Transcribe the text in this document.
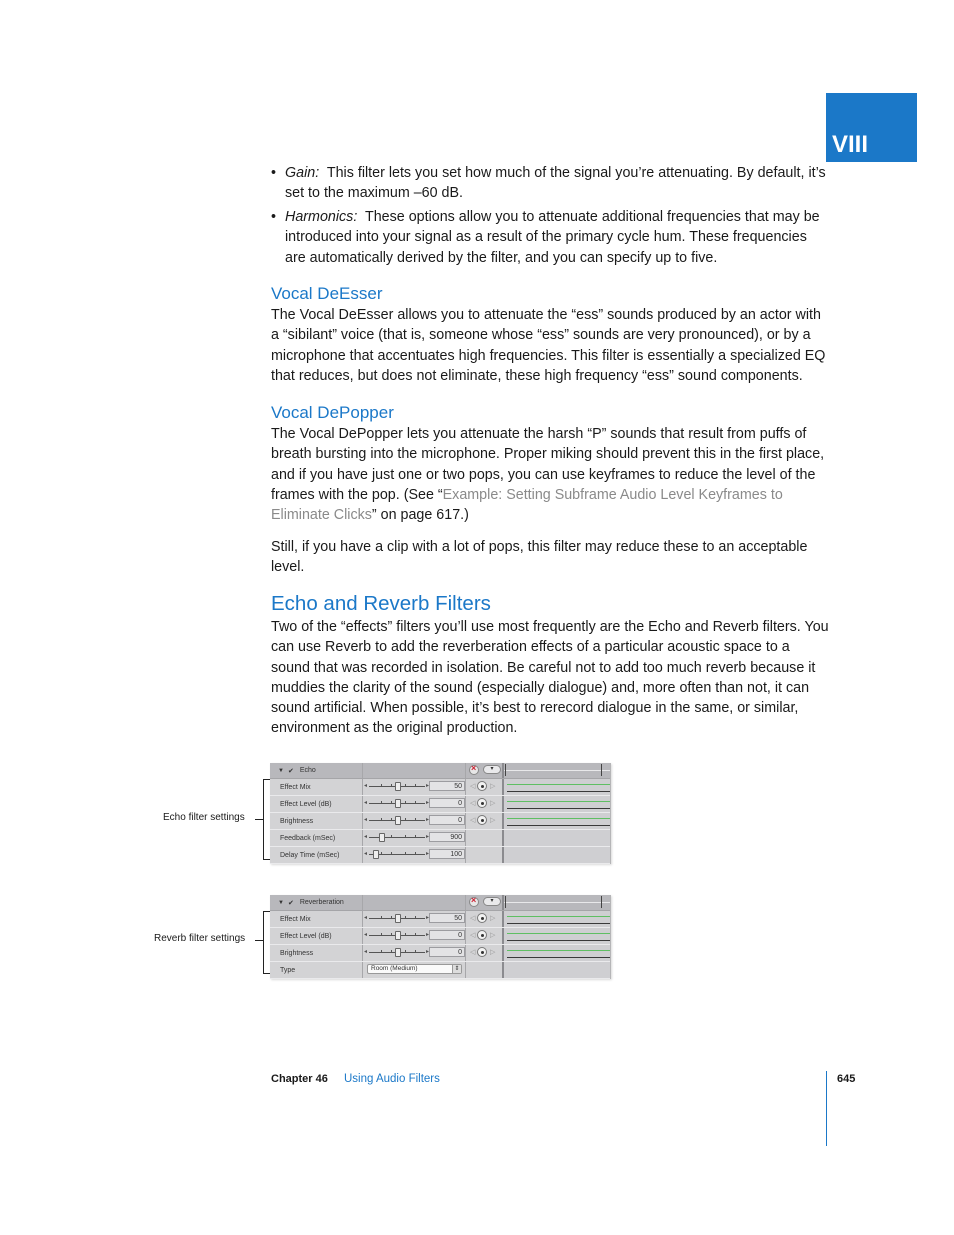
VIII
• Gain: This filter lets you set how much of the signal you’re attenuating. By default, it’s set to the maximum –60 dB.
• Harmonics: These options allow you to attenuate additional frequencies that may be introduced into your signal as a result of the primary cycle hum. These frequencies are automatically derived by the filter, and you can specify up to five.
Vocal DeEsser

The Vocal DeEsser allows you to attenuate the “ess” sounds produced by an actor with a “sibilant” voice (that is, someone whose “ess” sounds are very pronounced), or by a microphone that accentuates high frequencies. This filter is essentially a specialized EQ that reduces, but does not eliminate, these high frequency “ess” sound components.

Vocal DePopper

The Vocal DePopper lets you attenuate the harsh “P” sounds that result from puffs of breath bursting into the microphone. Proper miking should prevent this in the first place, and if you have just one or two pops, you can use keyframes to reduce the level of the frames with the pop. (See “Example: Setting Subframe Audio Level Keyframes to Eliminate Clicks” on page 617.)

Still, if you have a clip with a lot of pops, this filter may reduce these to an acceptable level.

Echo and Reverb Filters

Two of the “effects” filters you’ll use most frequently are the Echo and Reverb filters. You can use Reverb to add the reverberation effects of a particular acoustic space to a sound that was recorded in isolation. Be careful not to add too much reverb because it muddies the clarity of the sound (especially dialogue) and, more often than not, it can sound artificial. When possible, it’s best to rerecord dialogue in the same, or similar, environment as the original production.

Echo filter settings
▼ ✔ Echo ×	▾
Effect Mix	◂	▸	50	◁ ▷
Effect Level (dB)	◂	▸	0	◁ ▷
Brightness	◂	▸	0	◁ ▷
Feedback (mSec)	◂	▸	900
Delay Time (mSec)	◂	▸	100
Reverb filter settings
▼ ✔ Reverberation ×	▾
Effect Mix	◂	▸	50	◁ ▷
Effect Level (dB)	◂	▸	0	◁ ▷
Brightness	◂	▸	0	◁ ▷
Type	Room (Medium)	⇕
Chapter 46 Using Audio Filters	645
